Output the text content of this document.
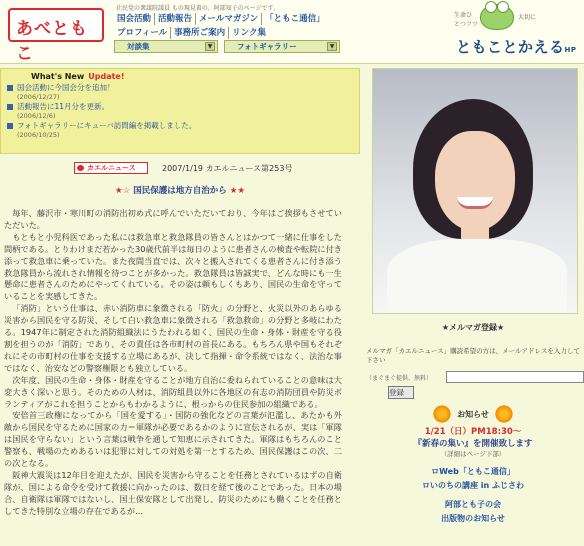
あべともこ
社民党の衆議院議員 もの現見着の、阿部知子のページです。
国会活動 活動報告 メールマガジン 「ともこ通信」
プロフィール 事務所ご案内 リンク集
対談集	▼	フォトギャラリー	▼
生命ひとつフツ
大切に
ともことかえるHP
What's New Update!
国会活動に今国会分を追加！
(2006/12/27)
活動報告に11月分を更新。
(2006/12/6)
フォトギャラリーにキューバ訪問編を掲載しました。
(2006/10/25)
カエルニュース	2007/1/19 カエルニュース第253号
★☆ 国民保護は地方自治から ★★

毎年、藤沢市・寒川町の消防出初め式に呼んでいただいており、今年はご挨拶もさせていただいた。

もともと小児科医であった私には救急車と救急隊員の皆さんとはかつて一緒に仕事をした間柄である。とりわけまだ若かった30歳代前半は毎日のように患者さんの検査や転院に付き添って救急車に乗っていた。また夜間当直では、次々と搬入されてくる患者さんに付き添う救急隊員から流れされ情報を待つことが多かった。救急隊員は皆誠実で、どんな時にも一生懸命に患者さんのためにやってくれている。その姿は頼もしくもあり、国民の生命を守っていることを実感してきた。

「消防」という仕事は、赤い消防車に象徴される「防火」の分野と、火災以外のあらゆる災害から国民を守る防災、そして白い救急車に象徴される「救急救命」の分野と多岐にわたる。1947年に制定された消防組織法にうたわれる如く、国民の生命・身体・財産を守る役割を担うのが「消防」であり、その責任は各市町村の首長にある。もちろん県や国もそれぞれにその市町村の仕事を支援する立場にあるが、決して指揮・命令系統ではなく、法治な事ではなく、治安などの警察権限とも独立している。

次年度、国民の生命・身体・財産を守ることが地方自治に委ねられていることの意味は大変大きく深いと思う。そのための人材は、消防組員以外に各地区の有志の消防団員や防災ボランティアがこれを担うことからもわかるように、根っからの住民参加の組織である。

安倍首三政権になってから「国を愛する」・国防の強化などの言葉が氾濫し、あたかも外敵から国民を守るために国家の力＝軍隊が必要であるかのように宣伝されるが、実は「軍隊は国民を守らない」という言葉は戦争を通して知恵に示されてきた。軍隊はもちろんのこと警察も、戦場のためあるいは犯罪に対しての対処を第一とするため、国民保護はこの次、二の次となる。

阪神大震災は12年目を迎えたが、国民を災害から守ることを任務とされているはずの自衛隊が、国による命令を受けて救援に向かったのは、数日を経て後のことであった。日本の場合、自衛隊は軍隊ではないし、国土保安隊として出発し、防災のためにも働くことを任務としてきた特別な立場の存在であるが…

★メルマガ登録★
メルマガ「カエルニュース」購読希望の方は、メールアドレスを入力して下さい
（まぐまぐ提供、無料）
登録
お知らせ
1/21（日）PM18:30～
『新春の集い』を開催致します
（詳細はページ下部）
ロWeb「ともこ通信」
ロいのちの講座 in ふじさわ
阿部とも子の会
出版物のお知らせ
